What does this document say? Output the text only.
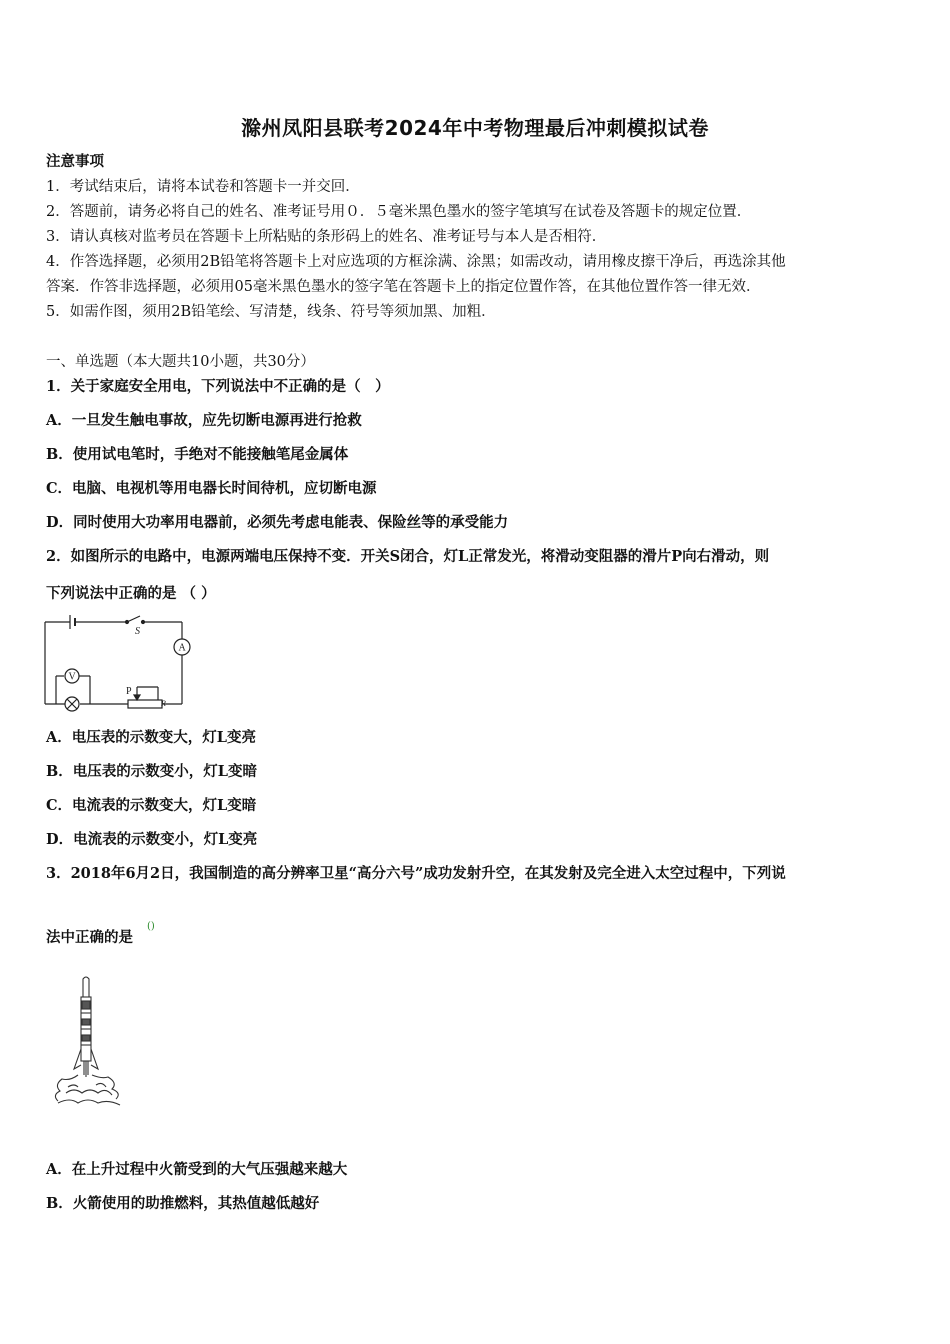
滁州凤阳县联考2024年中考物理最后冲刺模拟试卷
注意事项
1．考试结束后，请将本试卷和答题卡一并交回．
2．答题前，请务必将自己的姓名、准考证号用０．５毫米黑色墨水的签字笔填写在试卷及答题卡的规定位置．
3．请认真核对监考员在答题卡上所粘贴的条形码上的姓名、准考证号与本人是否相符．
4．作答选择题，必须用2B铅笔将答题卡上对应选项的方框涂满、涂黑；如需改动，请用橡皮擦干净后，再选涂其他
答案．作答非选择题，必须用05毫米黑色墨水的签字笔在答题卡上的指定位置作答，在其他位置作答一律无效．
5．如需作图，须用2B铅笔绘、写清楚，线条、符号等须加黑、加粗．
一、单选题（本大题共10小题，共30分）
1．关于家庭安全用电，下列说法中不正确的是（　）
A．一旦发生触电事故，应先切断电源再进行抢救
B．使用试电笔时，手绝对不能接触笔尾金属体
C．电脑、电视机等用电器长时间待机，应切断电源
D．同时使用大功率用电器前，必须先考虑电能表、保险丝等的承受能力
2．如图所示的电路中，电源两端电压保持不变．开关S闭合，灯L正常发光，将滑动变阻器的滑片P向右滑动，则
下列说法中正确的是 （ ）
S
A
V
P
R
A．电压表的示数变大，灯L变亮
B．电压表的示数变小，灯L变暗
C．电流表的示数变大，灯L变暗
D．电流表的示数变小，灯L变亮
3．2018年6月2日，我国制造的高分辨率卫星“高分六号”成功发射升空，在其发射及完全进入太空过程中，下列说
法中正确的是
()
A．在上升过程中火箭受到的大气压强越来越大
B．火箭使用的助推燃料，其热值越低越好
